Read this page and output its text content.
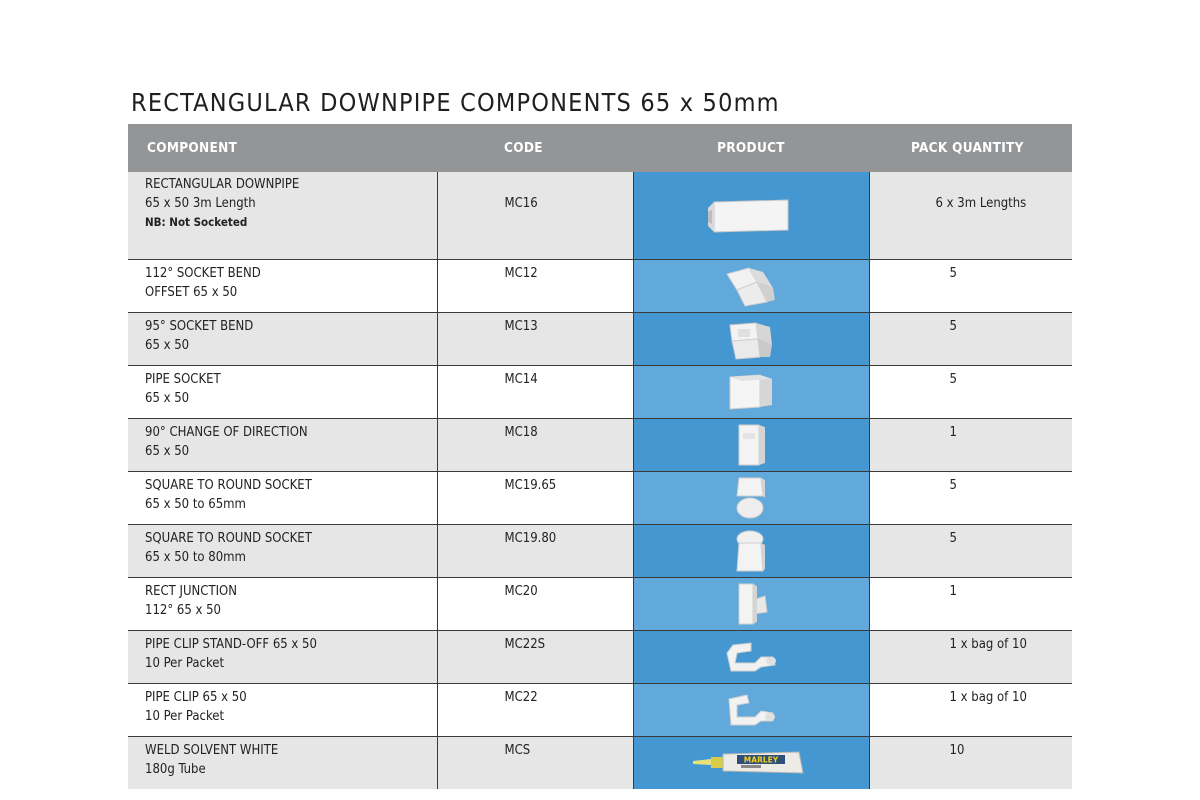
RECTANGULAR DOWNPIPE COMPONENTS 65 x 50mm
COMPONENT	CODE	PRODUCT	PACK QUANTITY

RECTANGULAR DOWNPIPE
65 x 50 3m Length
NB: Not Socketed	MC16		6 x 3m Lengths

112° SOCKET BEND
OFFSET 65 x 50	MC12		5

95° SOCKET BEND
65 x 50	MC13		5

PIPE SOCKET
65 x 50	MC14		5

90° CHANGE OF DIRECTION
65 x 50	MC18		1

SQUARE TO ROUND SOCKET
65 x 50 to 65mm	MC19.65		5

SQUARE TO ROUND SOCKET
65 x 50 to 80mm	MC19.80		5

RECT JUNCTION
112° 65 x 50	MC20		1

PIPE CLIP STAND-OFF 65 x 50
10 Per Packet	MC22S		1 x bag of 10

PIPE CLIP 65 x 50
10 Per Packet	MC22		1 x bag of 10

WELD SOLVENT WHITE
180g Tube	MCS	MARLEY	10
